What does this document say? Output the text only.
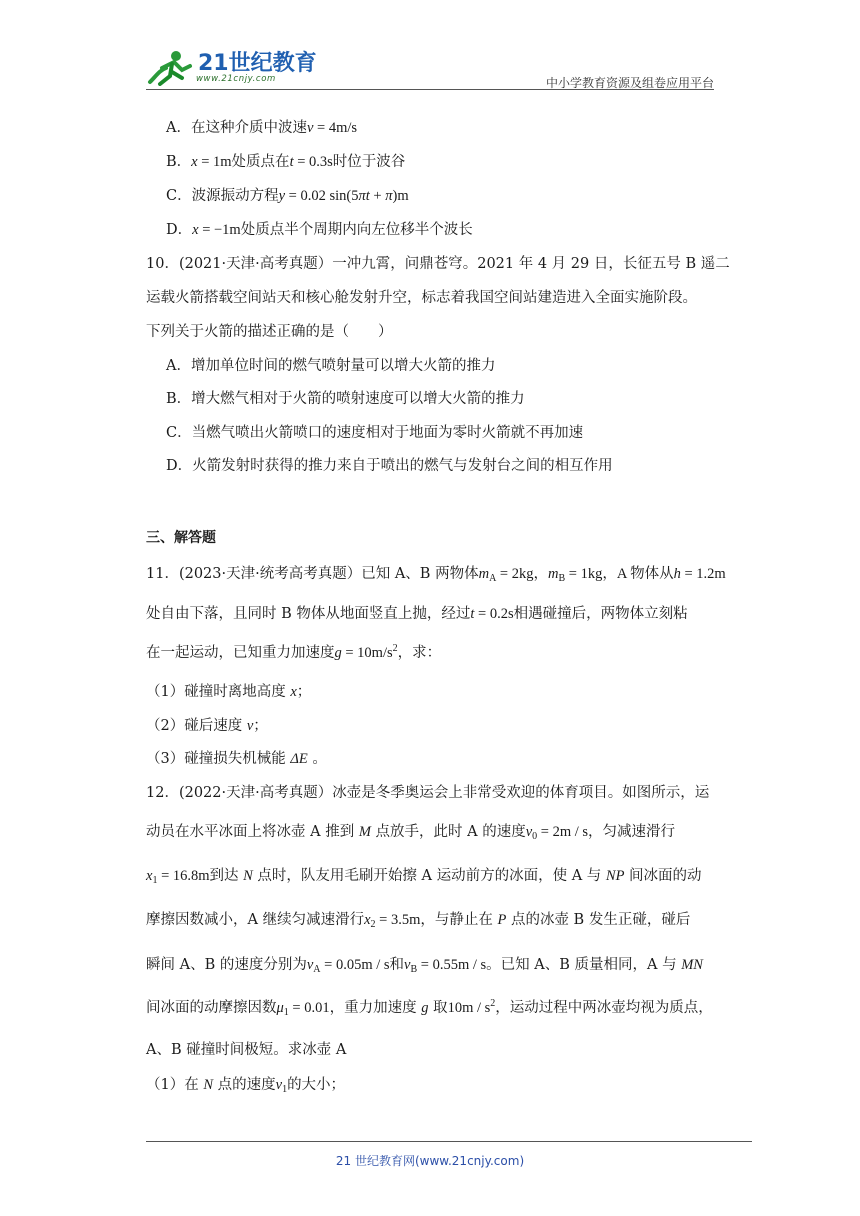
21世纪教育
www.21cnjy.com	中小学教育资源及组卷应用平台
A．在这种介质中波速v = 4m/s
B．x = 1m处质点在t = 0.3s时位于波谷
C．波源振动方程y = 0.02 sin(5πt + π)m
D．x = −1m处质点半个周期内向左位移半个波长
10．(2021·天津·高考真题）一冲九霄，问鼎苍穹。2021 年 4 月 29 日，长征五号 B 遥二
运载火箭搭载空间站天和核心舱发射升空，标志着我国空间站建造进入全面实施阶段。
下列关于火箭的描述正确的是（　　）
A．增加单位时间的燃气喷射量可以增大火箭的推力
B．增大燃气相对于火箭的喷射速度可以增大火箭的推力
C．当燃气喷出火箭喷口的速度相对于地面为零时火箭就不再加速
D．火箭发射时获得的推力来自于喷出的燃气与发射台之间的相互作用
三、解答题
11．(2023·天津·统考高考真题）已知 A、B 两物体$m_A = 2kg$，$m_B = 1kg$，A 物体从h = 1.2m
处自由下落，且同时 B 物体从地面竖直上抛，经过t = 0.2s相遇碰撞后，两物体立刻粘
在一起运动，已知重力加速度$g = 10m/s^2$，求：
（1）碰撞时离地高度 x；
（2）碰后速度 v；
（3）碰撞损失机械能 ΔE 。
12．(2022·天津·高考真题）冰壶是冬季奥运会上非常受欢迎的体育项目。如图所示，运
动员在水平冰面上将冰壶 A 推到 M 点放手，此时 A 的速度$v_0 = 2m / s$，匀减速滑行
$x_1 = 16.8m$到达 N 点时，队友用毛刷开始擦 A 运动前方的冰面，使 A 与 NP 间冰面的动
摩擦因数减小，A 继续匀减速滑行$x_2 = 3.5m$，与静止在 P 点的冰壶 B 发生正碰，碰后
瞬间 A、B 的速度分别为$v_A = 0.05m / s$和$v_B = 0.55m / s$。已知 A、B 质量相同，A 与 MN
间冰面的动摩擦因数$\mu_1 = 0.01$，重力加速度 g 取$10m / s^2$，运动过程中两冰壶均视为质点，
A、B 碰撞时间极短。求冰壶 A
（1）在 N 点的速度$v_1$的大小；
21 世纪教育网(www.21cnjy.com)
